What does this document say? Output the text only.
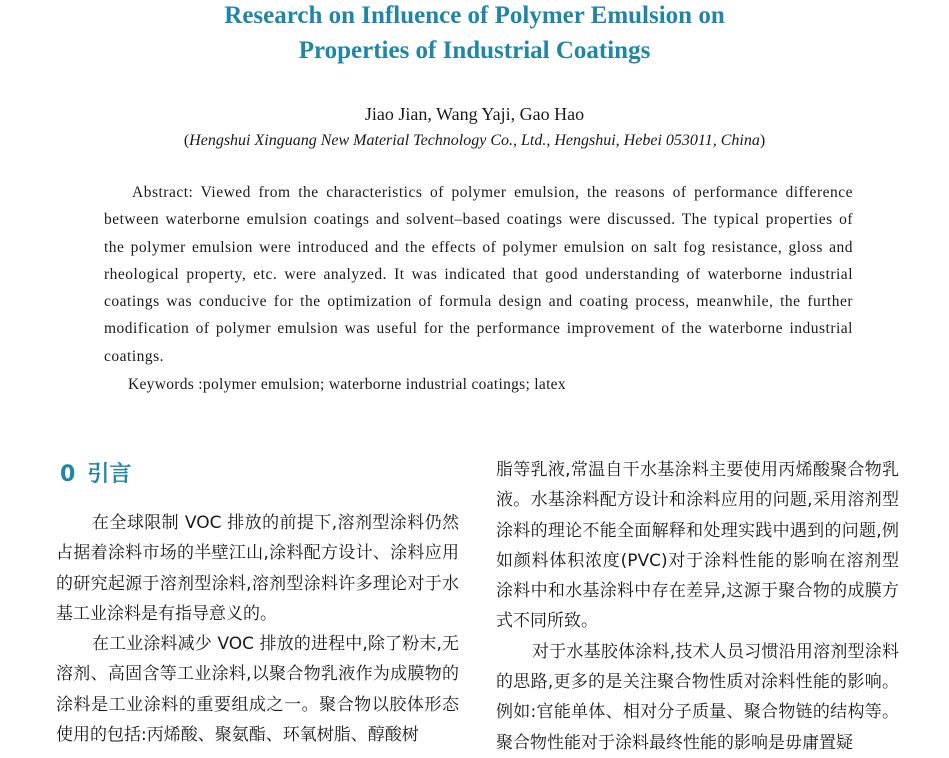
Research on Influence of Polymer Emulsion on
Properties of Industrial Coatings
Jiao Jian, Wang Yaji, Gao Hao
(Hengshui Xinguang New Material Technology Co., Ltd., Hengshui, Hebei 053011, China)

Abstract: Viewed from the characteristics of polymer emulsion, the reasons of performance difference between waterborne emulsion coatings and solvent–based coatings were discussed. The typical properties of the polymer emulsion were introduced and the effects of polymer emulsion on salt fog resistance, gloss and rheological property, etc. were analyzed. It was indicated that good understanding of waterborne industrial coatings was conducive for the optimization of formula design and coating process, meanwhile, the further modification of polymer emulsion was useful for the performance improvement of the waterborne industrial coatings.

Keywords :polymer emulsion; waterborne industrial coatings; latex
0 引言

在全球限制 VOC 排放的前提下,溶剂型涂料仍然占据着涂料市场的半壁江山,涂料配方设计、涂料应用的研究起源于溶剂型涂料,溶剂型涂料许多理论对于水基工业涂料是有指导意义的。

在工业涂料减少 VOC 排放的进程中,除了粉末,无溶剂、高固含等工业涂料,以聚合物乳液作为成膜物的涂料是工业涂料的重要组成之一。聚合物以胶体形态使用的包括:丙烯酸、聚氨酯、环氧树脂、醇酸树

脂等乳液,常温自干水基涂料主要使用丙烯酸聚合物乳液。水基涂料配方设计和涂料应用的问题,采用溶剂型涂料的理论不能全面解释和处理实践中遇到的问题,例如颜料体积浓度(PVC)对于涂料性能的影响在溶剂型涂料中和水基涂料中存在差异,这源于聚合物的成膜方式不同所致。

对于水基胶体涂料,技术人员习惯沿用溶剂型涂料的思路,更多的是关注聚合物性质对涂料性能的影响。例如:官能单体、相对分子质量、聚合物链的结构等。聚合物性能对于涂料最终性能的影响是毋庸置疑
